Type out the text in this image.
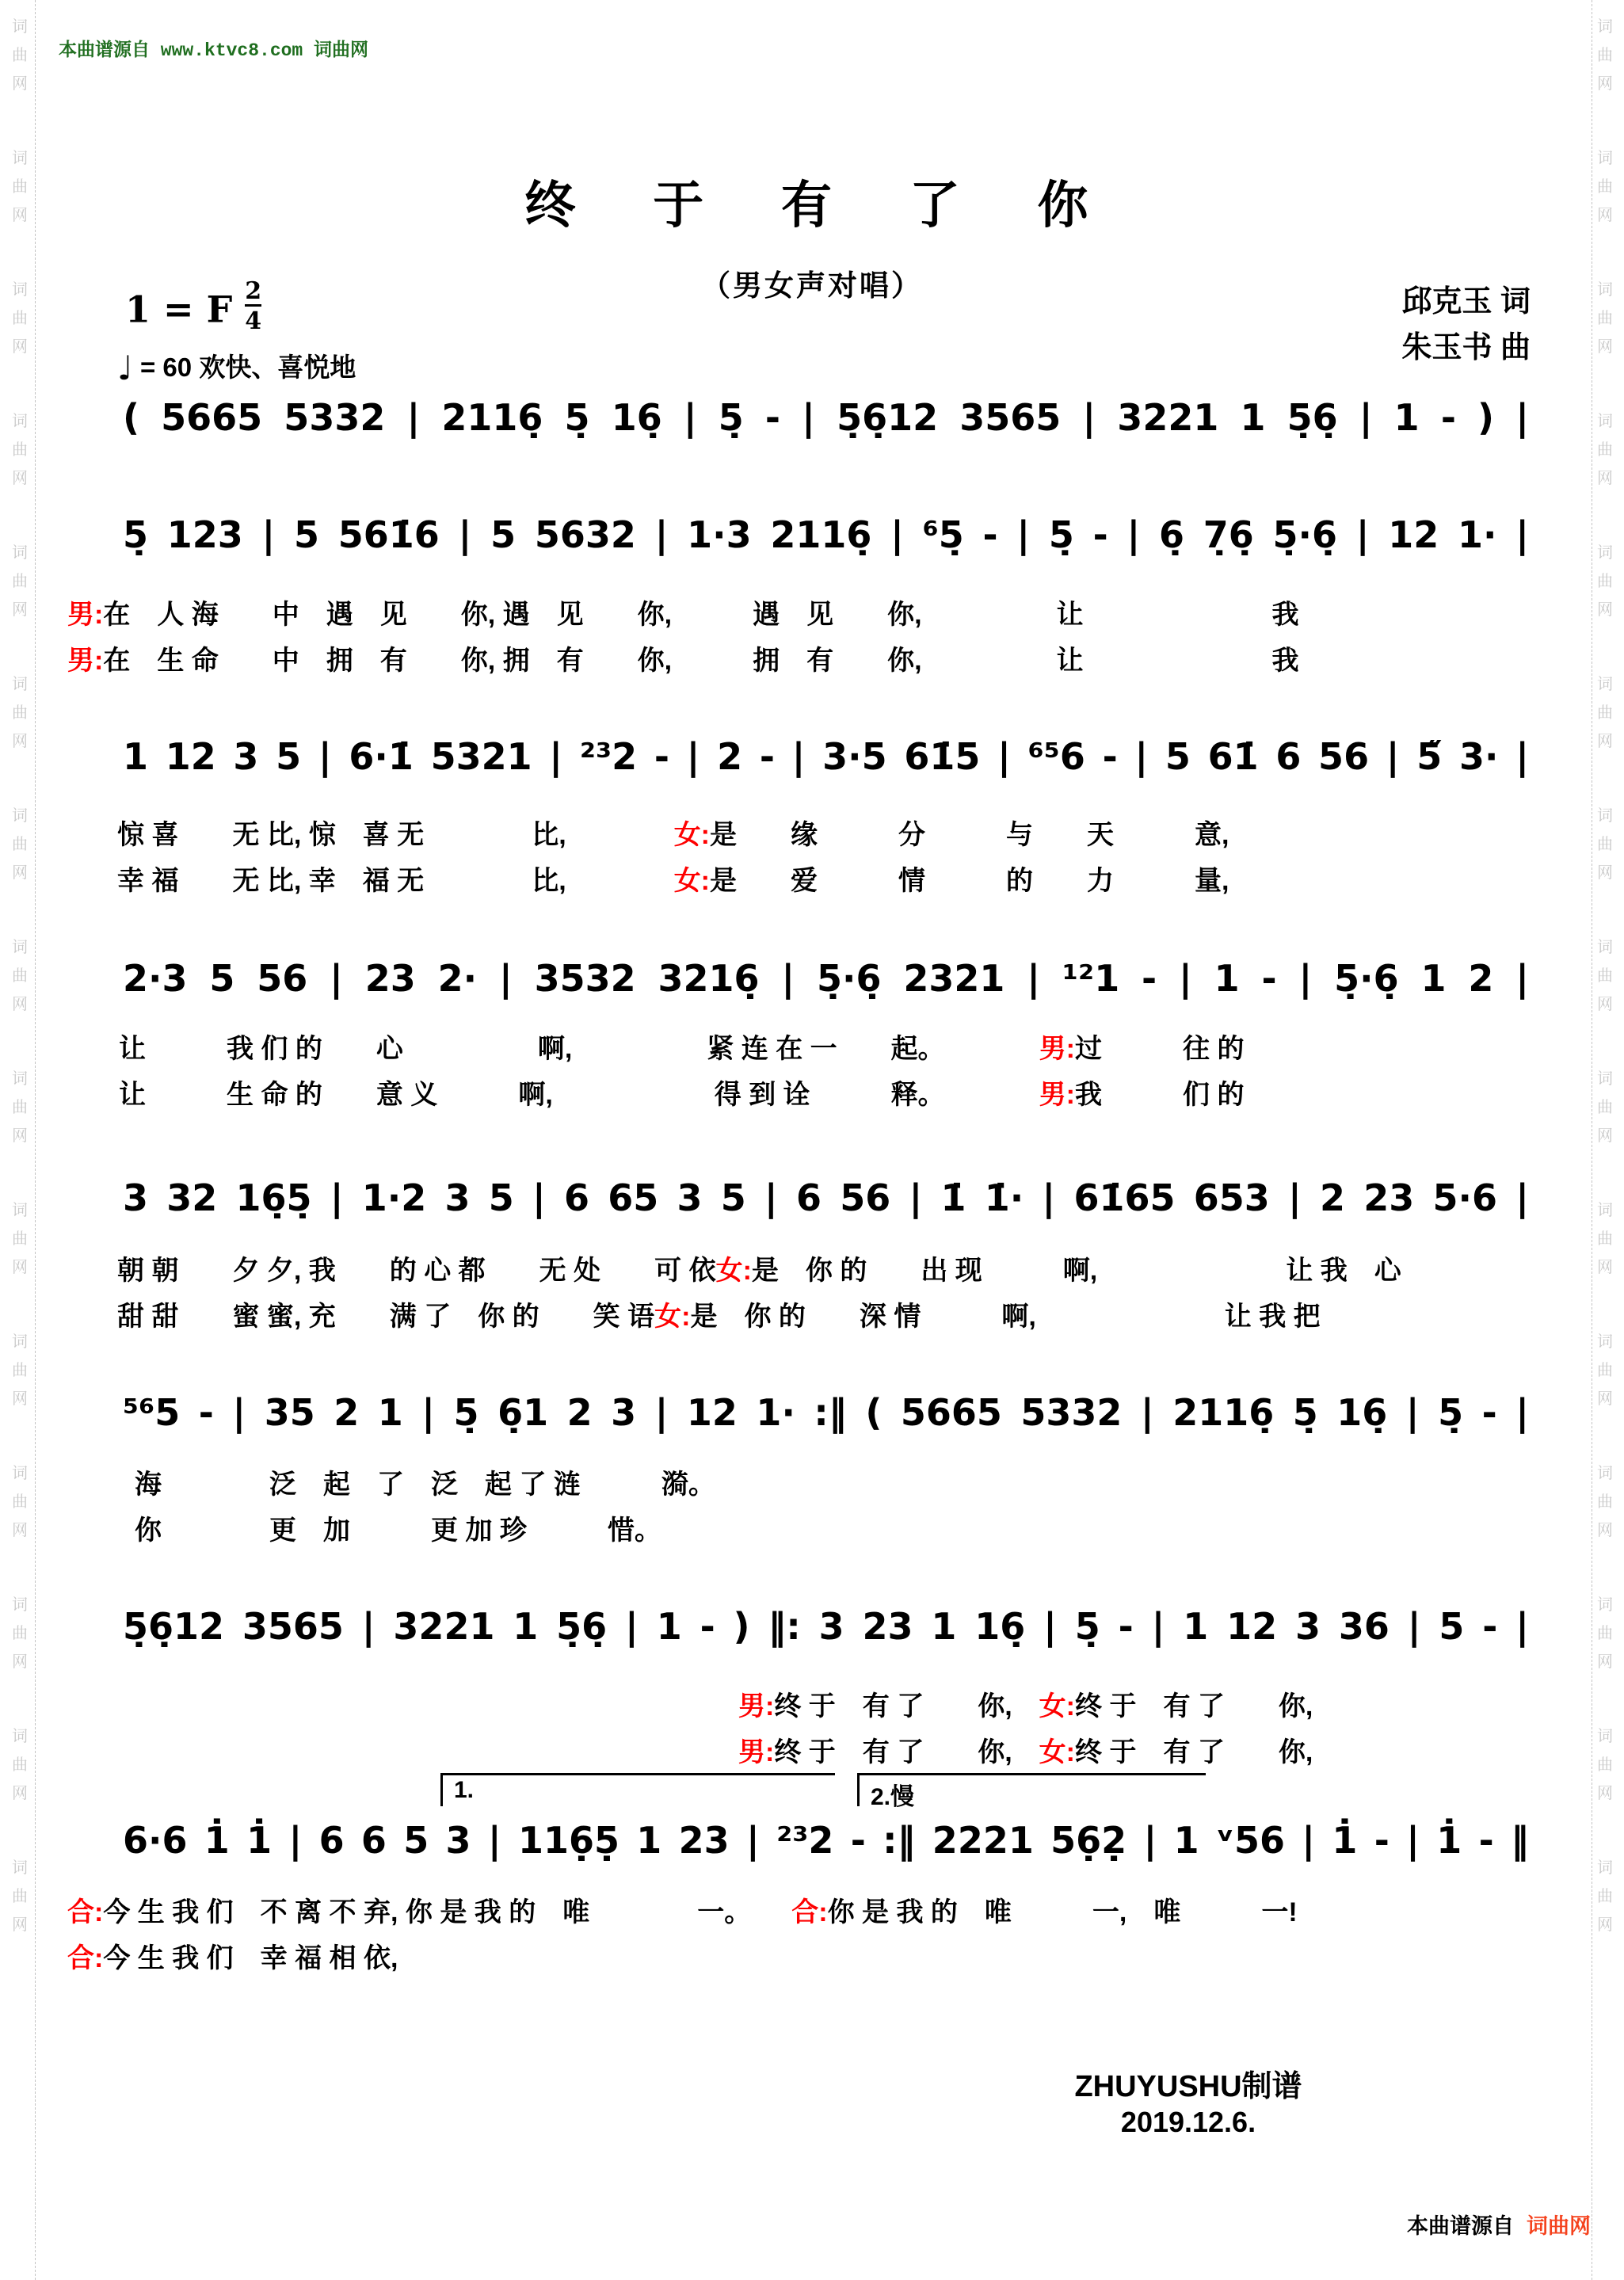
词
曲
网
词
曲
网
词
曲
网
词
曲
网
词
曲
网
词
曲
网
词
曲
网
词
曲
网
词
曲
网
词
曲
网
词
曲
网
词
曲
网
词
曲
网
词
曲
网
词
曲
网
词
曲
网
词
曲
网
词
曲
网
词
曲
网
词
曲
网
词
曲
网
词
曲
网
词
曲
网
词
曲
网
词
曲
网
词
曲
网
词
曲
网
词
曲
网
词
曲
网
词
曲
网
本曲谱源自 www.ktvc8.com 词曲网
终 于 有 了 你
（男女声对唱）
1 = F $\frac{2}{4}$
♩ = 60 欢快、喜悦地
邱克玉 词
朱玉书 曲
( 5665 5332 | 2116̣ 5̣ 16̣ | 5̣ - | 5̣6̣12 3565 | 3221 1 5̣6̣ | 1 - ) |
5̣ 123 | 5 561̇6 | 5 5632 | 1·3 2116̣ | ⁶5̣ - | 5̣ - | 6̣ 7̣6̣ 5̣·6̣ | 12 1· |
1 12 3 5 | 6·1̇ 5321 | ²³2 - | 2 - | 3·5 61̇5 | ⁶⁵6 - | 5 61̇ 6 56 | 5̋ 3· |
2·3 5 56 | 23 2· | 3532 3216̣ | 5̣·6̣ 2321 | ¹²1 - | 1 - | 5̣·6̣ 1 2 |
3 32 16̣5̣ | 1·2 3 5 | 6 65 3 5 | 6 56 | 1̇ 1̇· | 61̇65 653 | 2 23 5·6 |
⁵⁶5 - | 35 2 1 | 5̣ 6̣1 2 3 | 12 1· :‖ ( 5665 5332 | 2116̣ 5̣ 16̣ | 5̣ - |
5̣6̣12 3565 | 3221 1 5̣6̣ | 1 - ) ‖: 3 23 1 16̣ | 5̣ - | 1 12 3 36 | 5 - |
6·6 1̇ 1̇ | 6 6 5 3 | 116̣5̣ 1 23 | ²³2 - :‖ 2221 56̣2̣ | 1 ᵛ56 | 1̇ - | 1̇ - ‖
1.	2.慢
男:在　人 海　　中　遇　见　　你, 遇　见　　你,　　　遇　见　　你,　　　　　让　　　　　　　我
男:在　生 命　　中　拥　有　　你, 拥　有　　你,　　　拥　有　　你,　　　　　让　　　　　　　我
惊 喜　　无 比, 惊　喜 无　　　　比,　　　　女:是　　缘　　　分　　　与　　天　　　意,
幸 福　　无 比, 幸　福 无　　　　比,　　　　女:是　　爱　　　情　　　的　　力　　　量,
让　　　我 们 的　　心　　　　　啊,　　　　　紧 连 在 一　　起。　　　　男:过　　　往 的
让　　　生 命 的　　意 义　　　啊,　　　　　　得 到 诠　　　释。　　　　男:我　　　们 的
朝 朝　　夕 夕, 我　　的 心 都　　无 处　　可 依女:是　你 的　　出 现　　　啊,　　　　　　　让 我　心
甜 甜　　蜜 蜜, 充　　满 了　你 的　　笑 语女:是　你 的　　深 情　　　啊,　　　　　　　让 我 把
海　　　　泛　起　了　泛　起 了 涟　　　漪。
你　　　　更　加　　　更 加 珍　　　惜。
男:终 于　有 了　　你,　女:终 于　有 了　　你,
男:终 于　有 了　　你,　女:终 于　有 了　　你,
合:今 生 我 们　不 离 不 弃, 你 是 我 的　唯　　　　一。　　合:你 是 我 的　唯　　　一,　唯　　　一!
合:今 生 我 们　幸 福 相 依,
ZHUYUSHU制谱
2019.12.6.
本曲谱源自 词曲网
